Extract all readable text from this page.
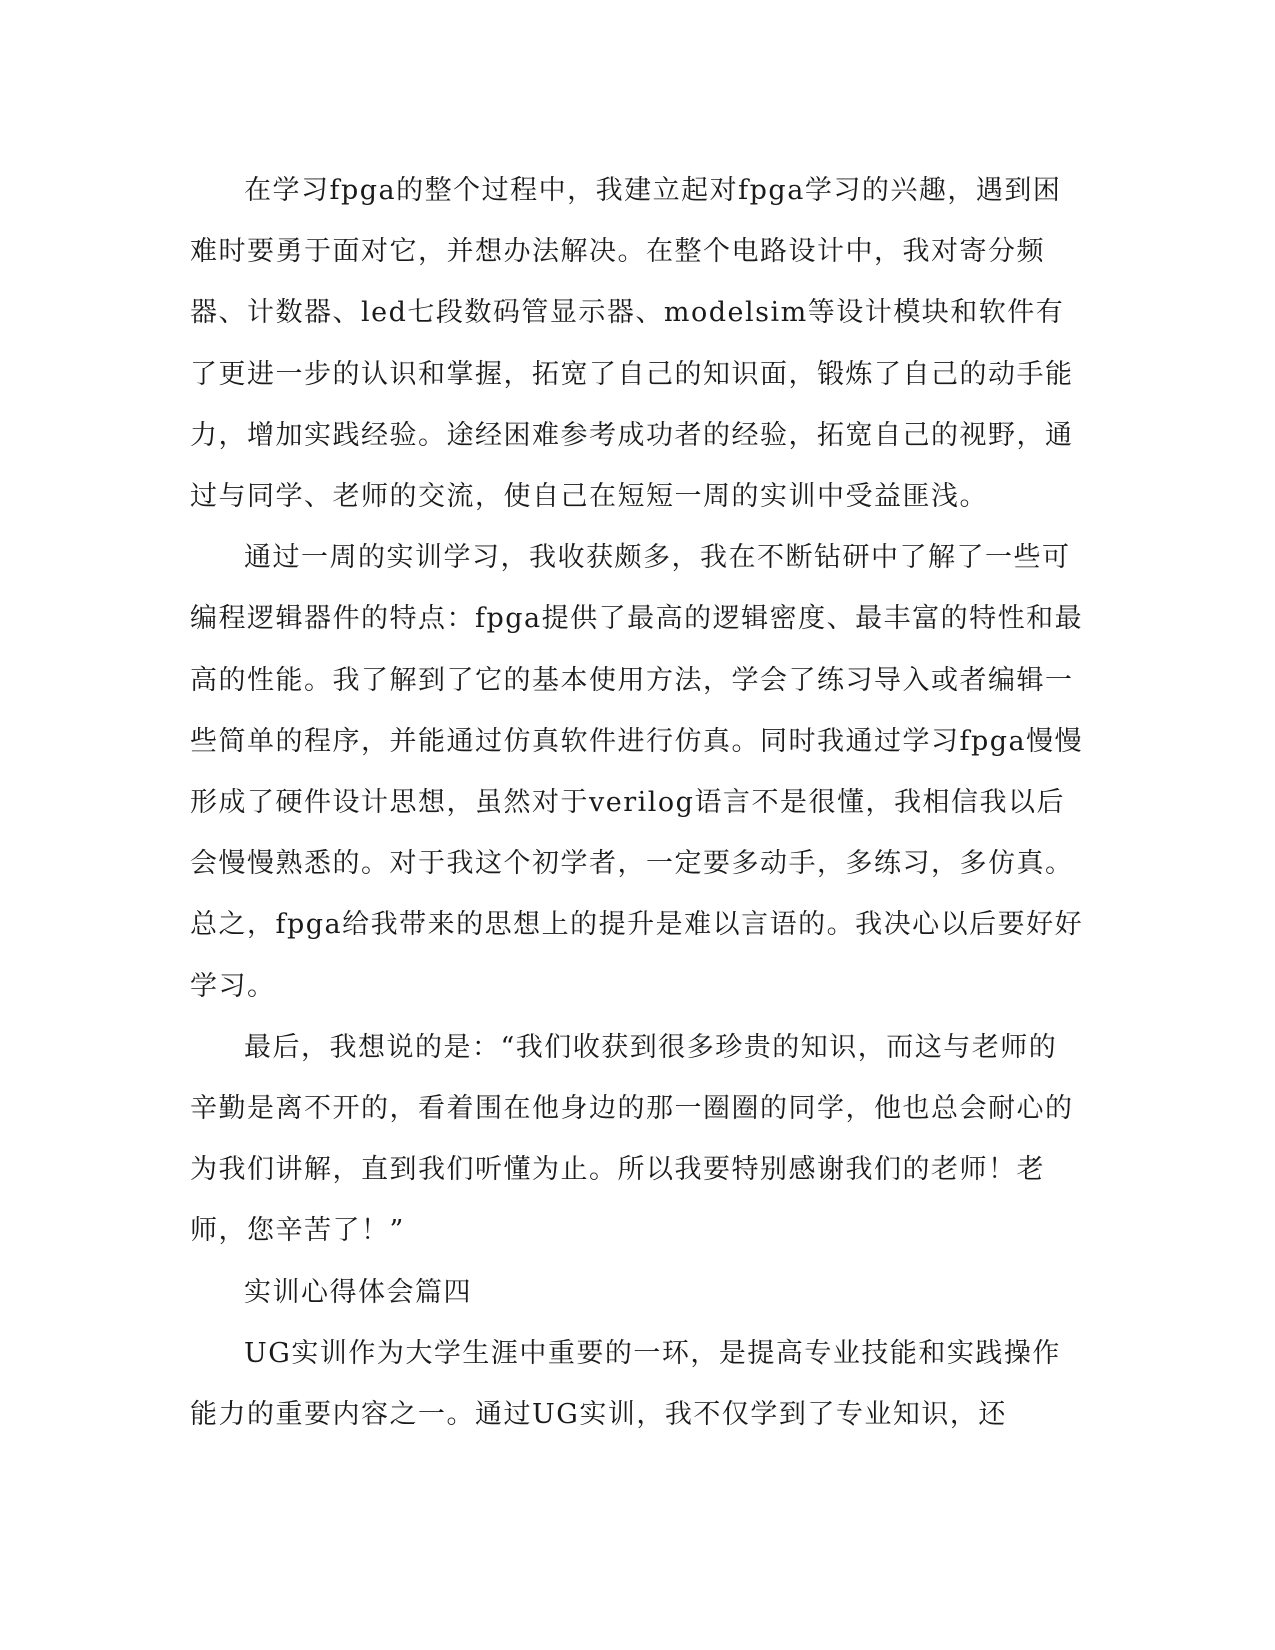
在学习fpga的整个过程中，我建立起对fpga学习的兴趣，遇到困难时要勇于面对它，并想办法解决。在整个电路设计中，我对寄分频器、计数器、led七段数码管显示器、modelsim等设计模块和软件有了更进一步的认识和掌握，拓宽了自己的知识面，锻炼了自己的动手能力，增加实践经验。途经困难参考成功者的经验，拓宽自己的视野，通过与同学、老师的交流，使自己在短短一周的实训中受益匪浅。

通过一周的实训学习，我收获颇多，我在不断钻研中了解了一些可编程逻辑器件的特点：fpga提供了最高的逻辑密度、最丰富的特性和最高的性能。我了解到了它的基本使用方法，学会了练习导入或者编辑一些简单的程序，并能通过仿真软件进行仿真。同时我通过学习fpga慢慢形成了硬件设计思想，虽然对于verilog语言不是很懂，我相信我以后会慢慢熟悉的。对于我这个初学者，一定要多动手，多练习，多仿真。总之，fpga给我带来的思想上的提升是难以言语的。我决心以后要好好学习。

最后，我想说的是：“我们收获到很多珍贵的知识，而这与老师的辛勤是离不开的，看着围在他身边的那一圈圈的同学，他也总会耐心的为我们讲解，直到我们听懂为止。所以我要特别感谢我们的老师！老师，您辛苦了！”

实训心得体会篇四

UG实训作为大学生涯中重要的一环，是提高专业技能和实践操作能力的重要内容之一。通过UG实训，我不仅学到了专业知识，还
